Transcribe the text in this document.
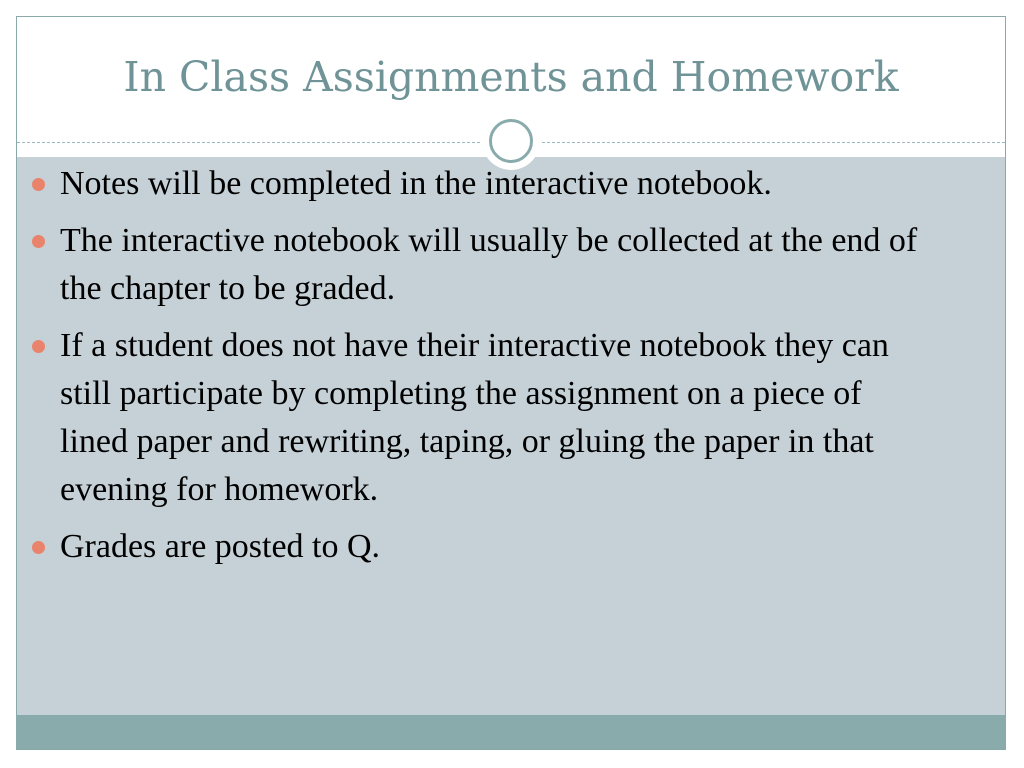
In Class Assignments and Homework
Notes will be completed in the interactive notebook.
The interactive notebook will usually be collected at the end of the chapter to be graded.
If a student does not have their interactive notebook they can still participate by completing the assignment on a piece of lined paper and rewriting, taping, or gluing the paper in that evening for homework.
Grades are posted to Q.
